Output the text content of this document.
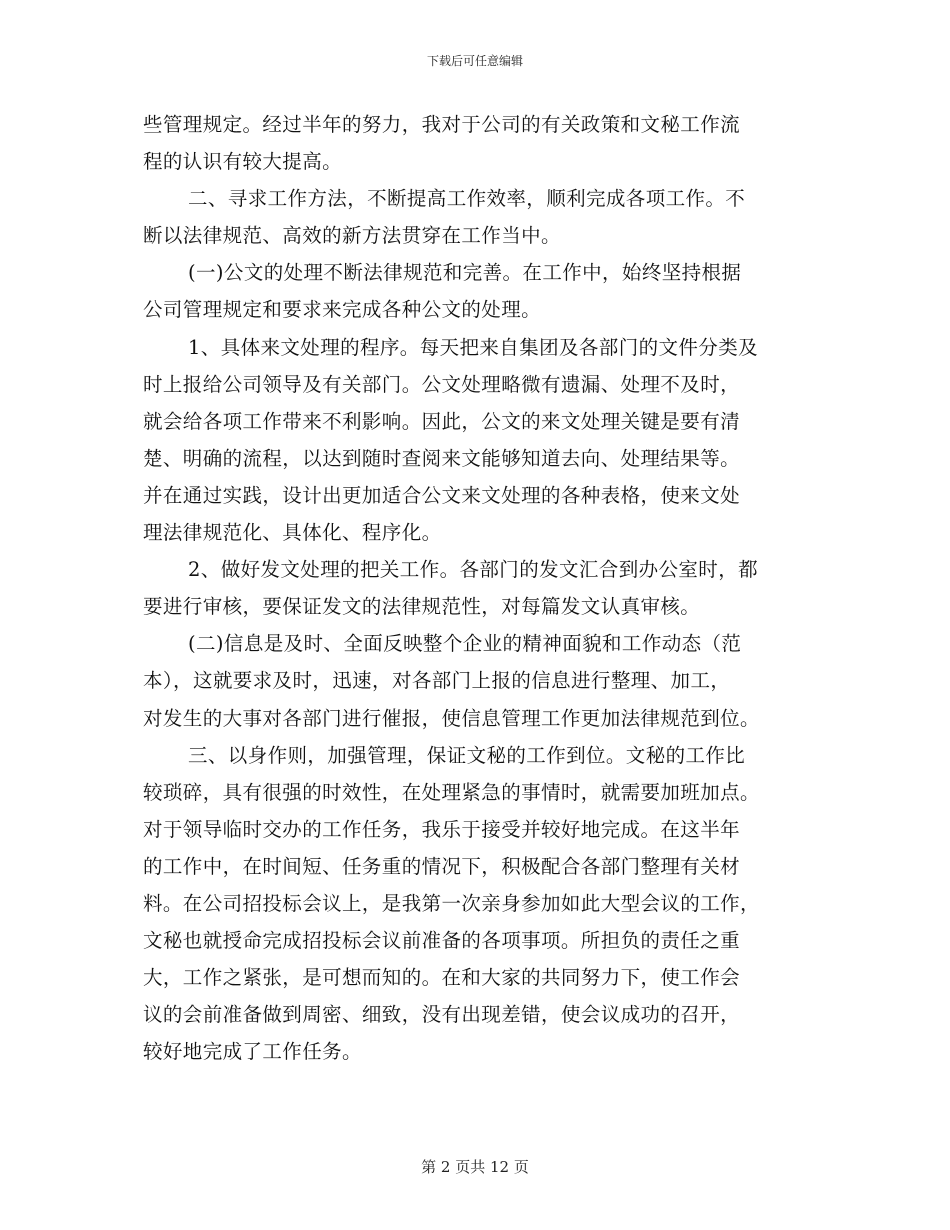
下载后可任意编辑
些管理规定。经过半年的努力，我对于公司的有关政策和文秘工作流
程的认识有较大提高。
二、寻求工作方法，不断提高工作效率，顺利完成各项工作。不
断以法律规范、高效的新方法贯穿在工作当中。
(一)公文的处理不断法律规范和完善。在工作中，始终坚持根据
公司管理规定和要求来完成各种公文的处理。
1、具体来文处理的程序。每天把来自集团及各部门的文件分类及
时上报给公司领导及有关部门。公文处理略微有遗漏、处理不及时，
就会给各项工作带来不利影响。因此，公文的来文处理关键是要有清
楚、明确的流程，以达到随时查阅来文能够知道去向、处理结果等。
并在通过实践，设计出更加适合公文来文处理的各种表格，使来文处
理法律规范化、具体化、程序化。
2、做好发文处理的把关工作。各部门的发文汇合到办公室时，都
要进行审核，要保证发文的法律规范性，对每篇发文认真审核。
(二)信息是及时、全面反映整个企业的精神面貌和工作动态（范
本），这就要求及时，迅速，对各部门上报的信息进行整理、加工，
对发生的大事对各部门进行催报，使信息管理工作更加法律规范到位。
三、以身作则，加强管理，保证文秘的工作到位。文秘的工作比
较琐碎，具有很强的时效性，在处理紧急的事情时，就需要加班加点。
对于领导临时交办的工作任务，我乐于接受并较好地完成。在这半年
的工作中，在时间短、任务重的情况下，积极配合各部门整理有关材
料。在公司招投标会议上，是我第一次亲身参加如此大型会议的工作，
文秘也就授命完成招投标会议前准备的各项事项。所担负的责任之重
大，工作之紧张，是可想而知的。在和大家的共同努力下，使工作会
议的会前准备做到周密、细致，没有出现差错，使会议成功的召开，
较好地完成了工作任务。
第 2 页共 12 页
